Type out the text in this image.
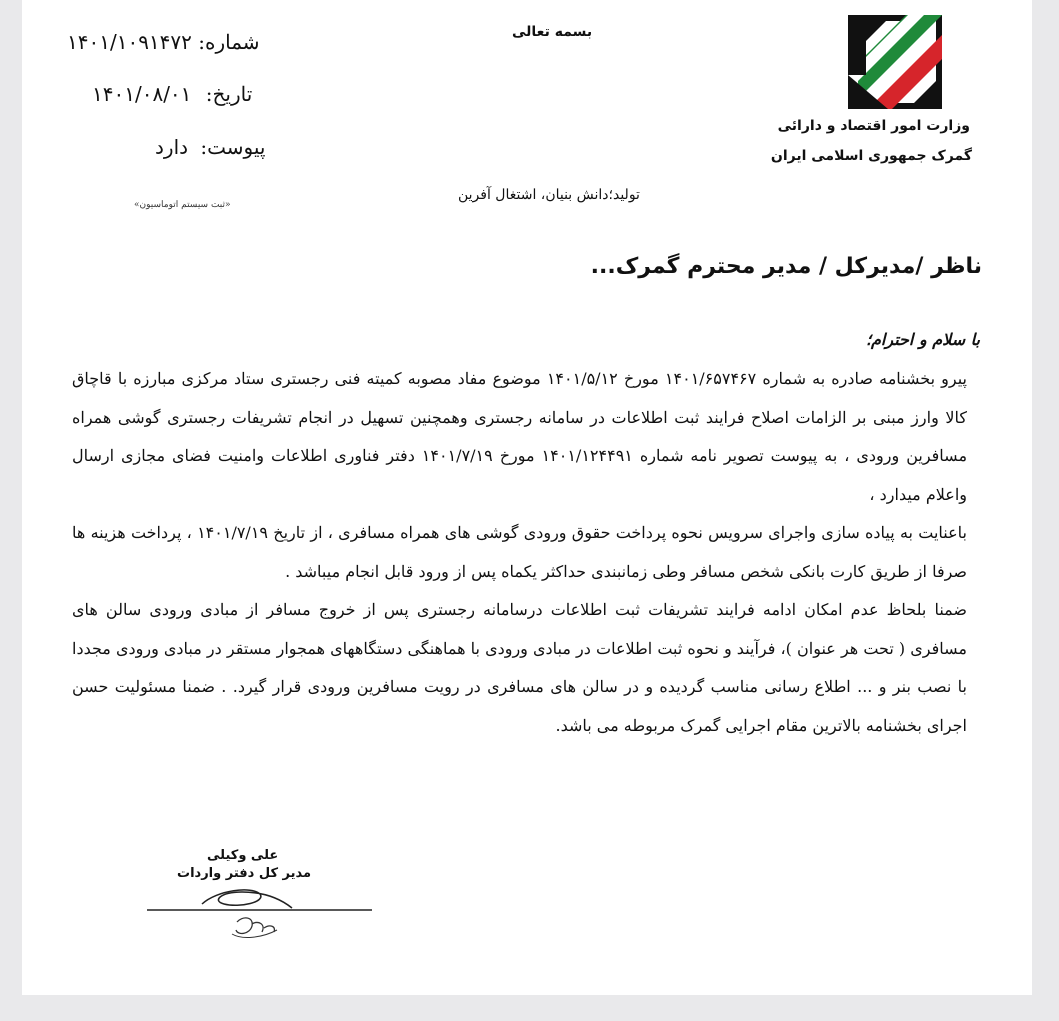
وزارت امور اقتصاد و دارائی
گمرک جمهوری اسلامی ایران
بسمه تعالی
شماره: ۱۴۰۱/۱۰۹۱۴۷۲
تاریخ: ۱۴۰۱/۰۸/۰۱
پیوست: دارد
«ثبت سیستم اتوماسیون»
تولید؛دانش بنیان، اشتغال آفرین
ناظر /مدیرکل / مدیر محترم گمرک...
با سلام و احترام؛

پیرو بخشنامه صادره به شماره ۱۴۰۱/۶۵۷۴۶۷ مورخ ۱۴۰۱/۵/۱۲ موضوع مفاد مصوبه کمیته فنی رجستری ستاد مرکزی مبارزه با قاچاق کالا وارز مبنی بر الزامات اصلاح فرایند ثبت اطلاعات در سامانه رجستری وهمچنین تسهیل در انجام تشریفات رجستری گوشی همراه مسافرین ورودی ، به پیوست تصویر نامه شماره ۱۴۰۱/۱۲۴۴۹۱ مورخ ۱۴۰۱/۷/۱۹ دفتر فناوری اطلاعات وامنیت فضای مجازی ارسال واعلام میدارد ،

باعنایت به پیاده سازی واجرای سرویس نحوه پرداخت حقوق ورودی گوشی های همراه مسافری ، از تاریخ ۱۴۰۱/۷/۱۹ ، پرداخت هزینه ها صرفا از طریق کارت بانکی شخص مسافر وطی زمانبندی حداکثر یکماه پس از ورود قابل انجام میباشد .

ضمنا بلحاظ عدم امکان ادامه فرایند تشریفات ثبت اطلاعات درسامانه رجستری پس از خروج مسافر از مبادی ورودی سالن های مسافری ( تحت هر عنوان )، فرآیند و نحوه ثبت اطلاعات در مبادی ورودی با هماهنگی دستگاههای همجوار مستقر در مبادی ورودی مجددا با نصب بنر و ... اطلاع رسانی مناسب گردیده و در سالن های مسافری در رویت مسافرین ورودی قرار گیرد. . ضمنا مسئولیت حسن اجرای بخشنامه بالاترین مقام اجرایی گمرک مربوطه می باشد.

علی وکیلی
مدیر کل دفتر واردات
